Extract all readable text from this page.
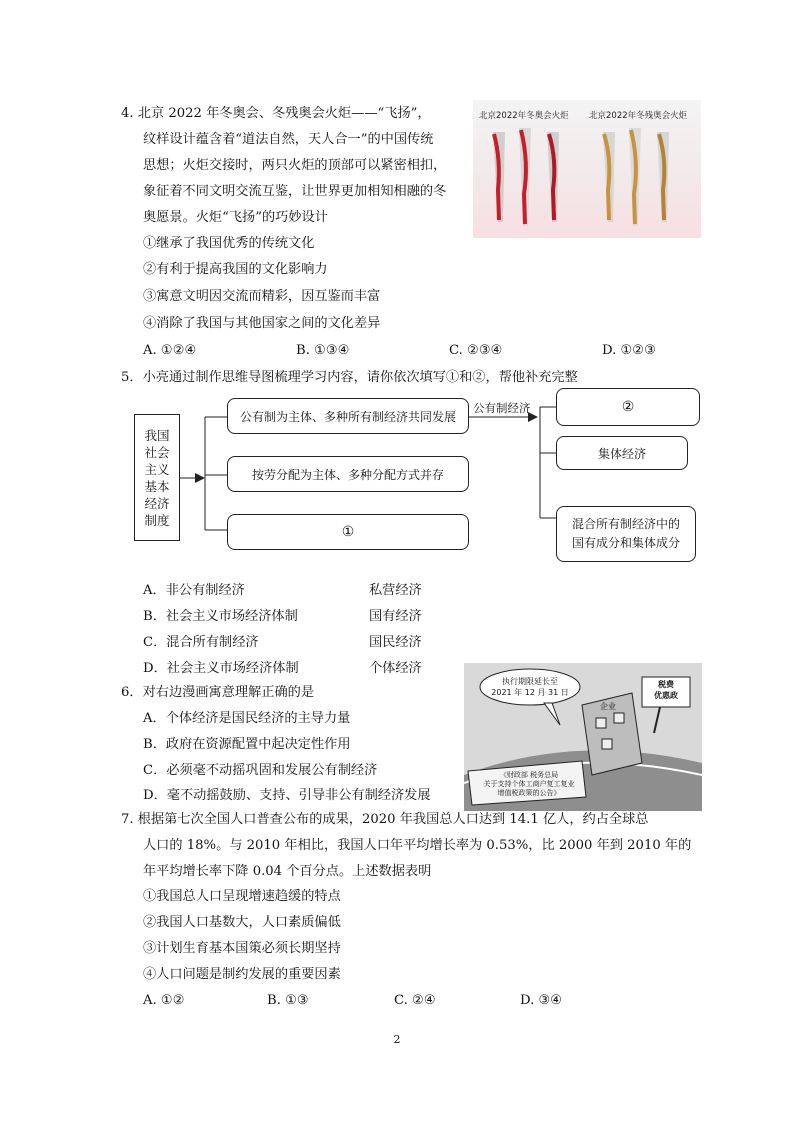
4. 北京 2022 年冬奥会、冬残奥会火炬——“飞扬”，
纹样设计蕴含着“道法自然，天人合一”的中国传统
思想；火炬交接时，两只火炬的顶部可以紧密相扣，
象征着不同文明交流互鉴，让世界更加相知相融的冬
奥愿景。火炬“飞扬”的巧妙设计
①继承了我国优秀的传统文化
②有利于提高我国的文化影响力
③寓意文明因交流而精彩，因互鉴而丰富
④消除了我国与其他国家之间的文化差异
A. ①②④	B. ①③④	C. ②③④	D. ①②③
北京2022年冬奥会火炬 北京2022年冬残奥会火炬
5．小亮通过制作思维导图梳理学习内容，请你依次填写①和②，帮他补充完整
我国
社会
主义
基本
经济
制度
公有制为主体、多种所有制经济共同发展
按劳分配为主体、多种分配方式并存
①
公有制经济	②
集体经济
混合所有制经济中的
国有成分和集体成分
A．非公有制经济	私营经济
B．社会主义市场经济体制	国有经济
C．混合所有制经济	国民经济
D．社会主义市场经济体制	个体经济
6．对右边漫画寓意理解正确的是
A．个体经济是国民经济的主导力量
B．政府在资源配置中起决定性作用
C．必须毫不动摇巩固和发展公有制经济
D．毫不动摇鼓励、支持、引导非公有制经济发展
执行期限延长至
2021 年 12 月 31 日
税费
优惠政
企业
《财政部 税务总局
关于支持个体工商户复工复业
增值税政策的公告》
7. 根据第七次全国人口普查公布的成果，2020 年我国总人口达到 14.1 亿人，约占全球总
人口的 18%。与 2010 年相比，我国人口年平均增长率为 0.53%，比 2000 年到 2010 年的
年平均增长率下降 0.04 个百分点。上述数据表明
①我国总人口呈现增速趋缓的特点
②我国人口基数大，人口素质偏低
③计划生育基本国策必须长期坚持
④人口问题是制约发展的重要因素
A. ①②	B. ①③	C. ②④	D. ③④
2
